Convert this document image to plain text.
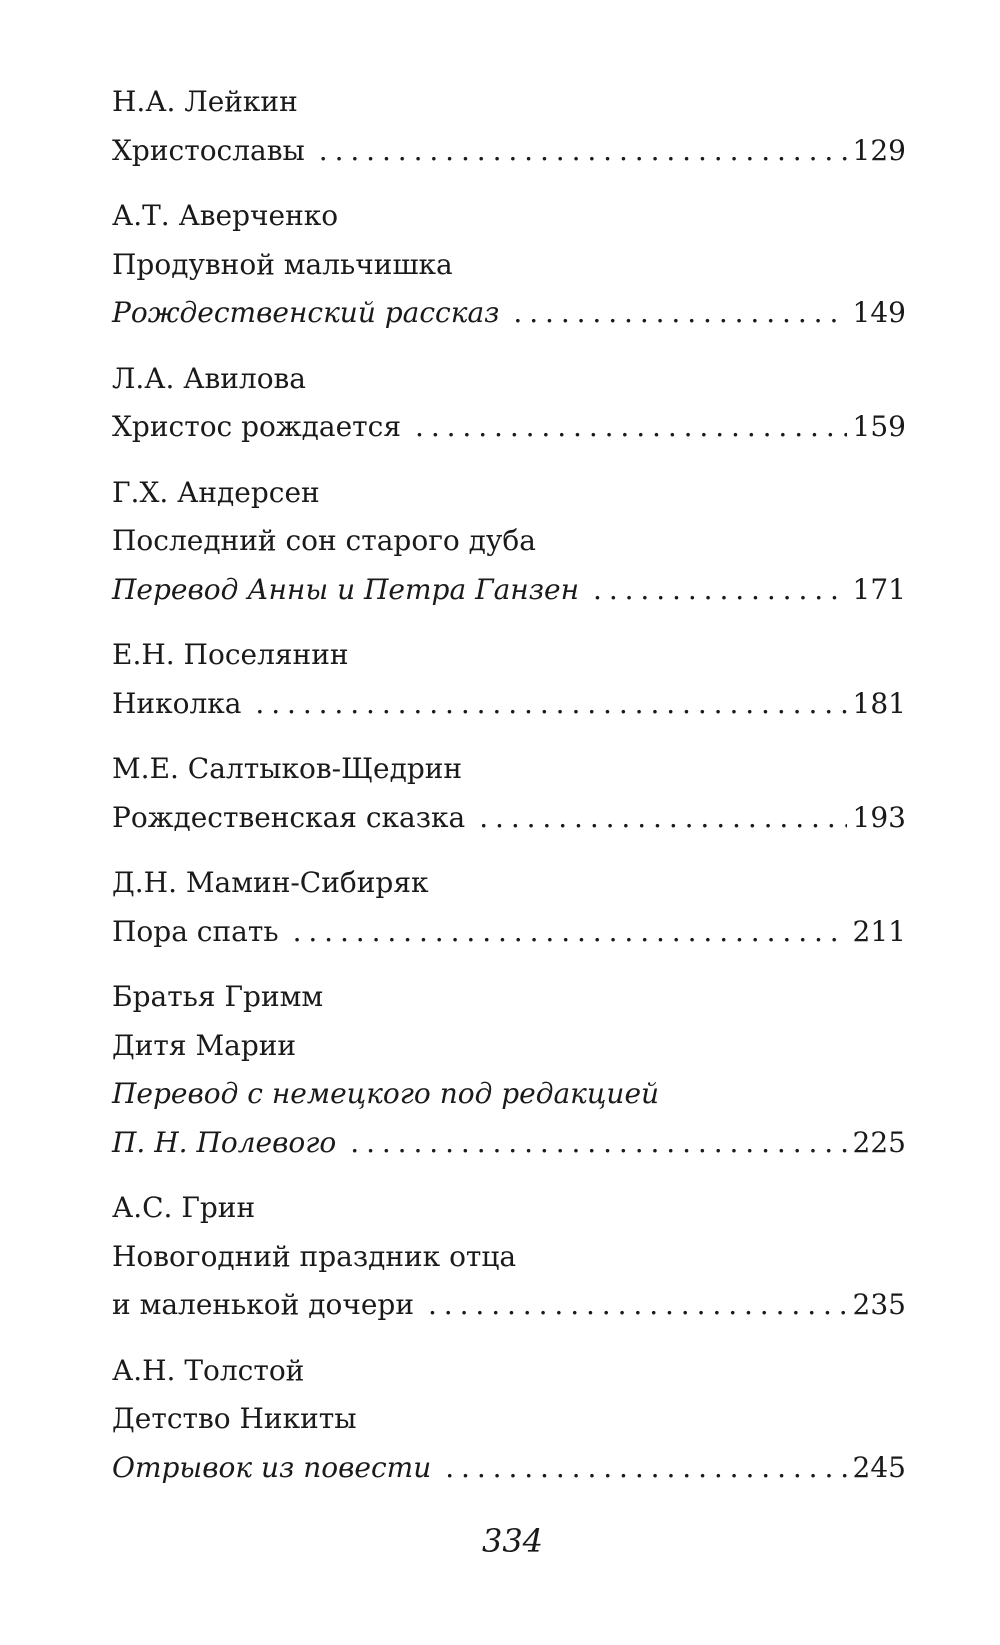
Н.А. Лейкин
Христославы . . .	129
А.Т. Аверченко
Продувной мальчишка
Рождественский рассказ . . .	149
Л.А. Авилова
Христос рождается . . .	159
Г.Х. Андерсен
Последний сон старого дуба
Перевод Анны и Петра Ганзен . . .	171
Е.Н. Поселянин
Николка . . .	181
М.Е. Салтыков-Щедрин
Рождественская сказка . . .	193
Д.Н. Мамин-Сибиряк
Пора спать . . .	211
Братья Гримм
Дитя Марии
Перевод с немецкого под редакцией
П. Н. Полевого . . .	225
А.С. Грин
Новогодний праздник отца
и маленькой дочери . . .	235
А.Н. Толстой
Детство Никиты
Отрывок из повести . . .	245
334
